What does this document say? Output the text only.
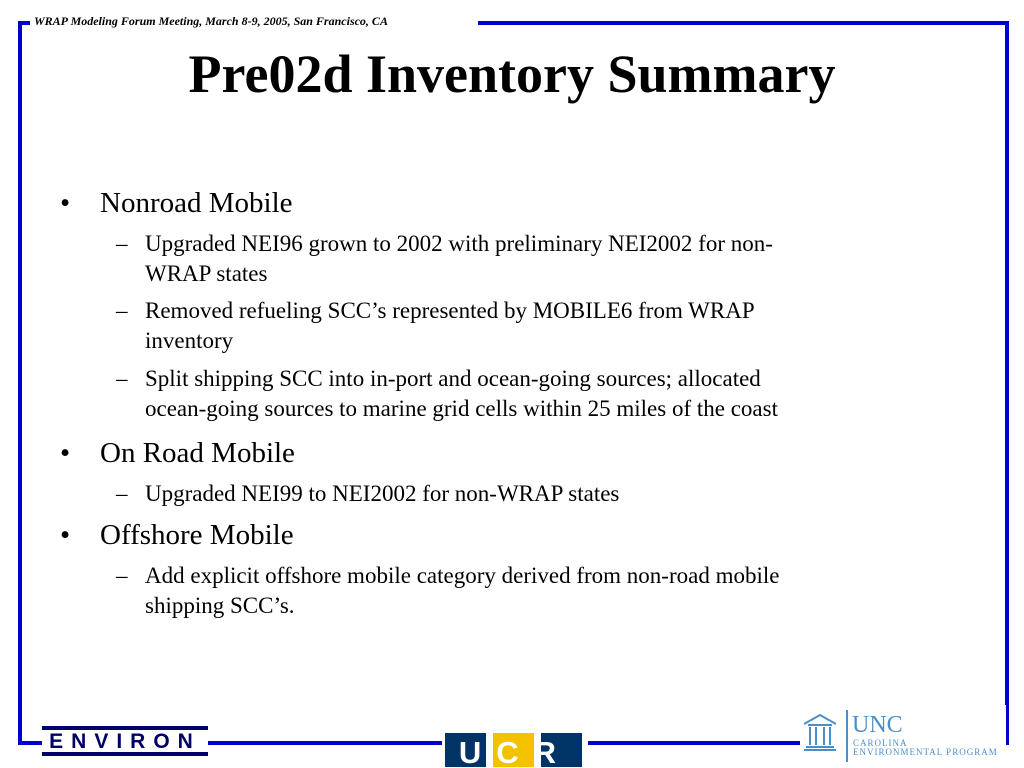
WRAP Modeling Forum Meeting, March 8-9, 2005, San Francisco, CA
Pre02d Inventory Summary
•	Nonroad Mobile
– Upgraded NEI96 grown to 2002 with preliminary NEI2002 for non-
WRAP states
– Removed refueling SCC’s represented by MOBILE6 from WRAP
inventory
– Split shipping SCC into in-port and ocean-going sources; allocated
ocean-going sources to marine grid cells within 25 miles of the coast
•	On Road Mobile
– Upgraded NEI99 to NEI2002 for non-WRAP states
•	Offshore Mobile
– Add explicit offshore mobile category derived from non-road mobile
shipping SCC’s.
ENVIRON	UCR
UNC
CAROLINA
ENVIRONMENTAL PROGRAM
